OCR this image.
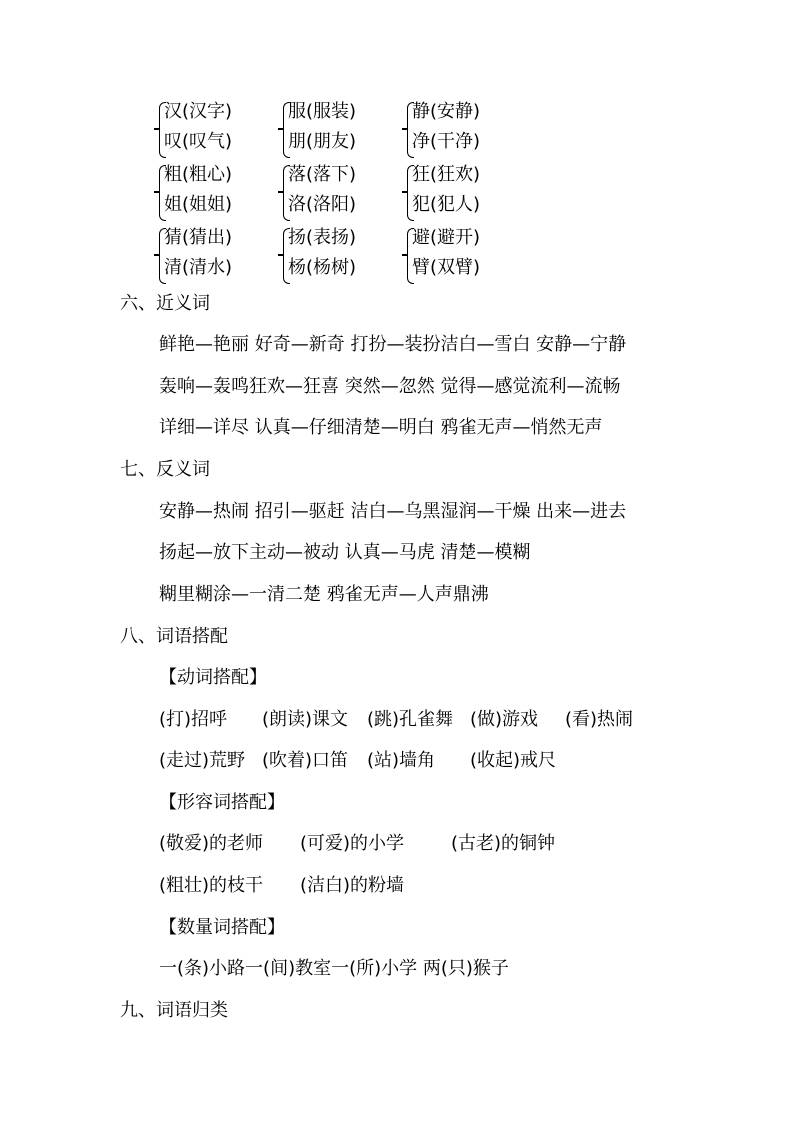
汉(汉字)
叹(叹气)
服(服装)
朋(朋友)
静(安静)
净(干净)
粗(粗心)
姐(姐姐)
落(落下)
洛(洛阳)
狂(狂欢)
犯(犯人)
猜(猜出)
清(清水)
扬(表扬)
杨(杨树)
避(避开)
臂(双臂)
六、近义词
鲜艳—艳丽 好奇—新奇 打扮—装扮洁白—雪白 安静—宁静
轰响—轰鸣狂欢—狂喜 突然—忽然 觉得—感觉流利—流畅
详细—详尽 认真—仔细清楚—明白 鸦雀无声—悄然无声
七、反义词
安静—热闹 招引—驱赶 洁白—乌黑湿润—干燥 出来—进去
扬起—放下主动—被动 认真—马虎 清楚—模糊
糊里糊涂—一清二楚 鸦雀无声—人声鼎沸
八、词语搭配
【动词搭配】
(打)招呼 (朗读)课文 (跳)孔雀舞 (做)游戏 (看)热闹
(走过)荒野 (吹着)口笛 (站)墙角 (收起)戒尺
【形容词搭配】
(敬爱)的老师 (可爱)的小学	(古老)的铜钟
(粗壮)的枝干 (洁白)的粉墙
【数量词搭配】
一(条)小路一(间)教室一(所)小学 两(只)猴子
九、词语归类
